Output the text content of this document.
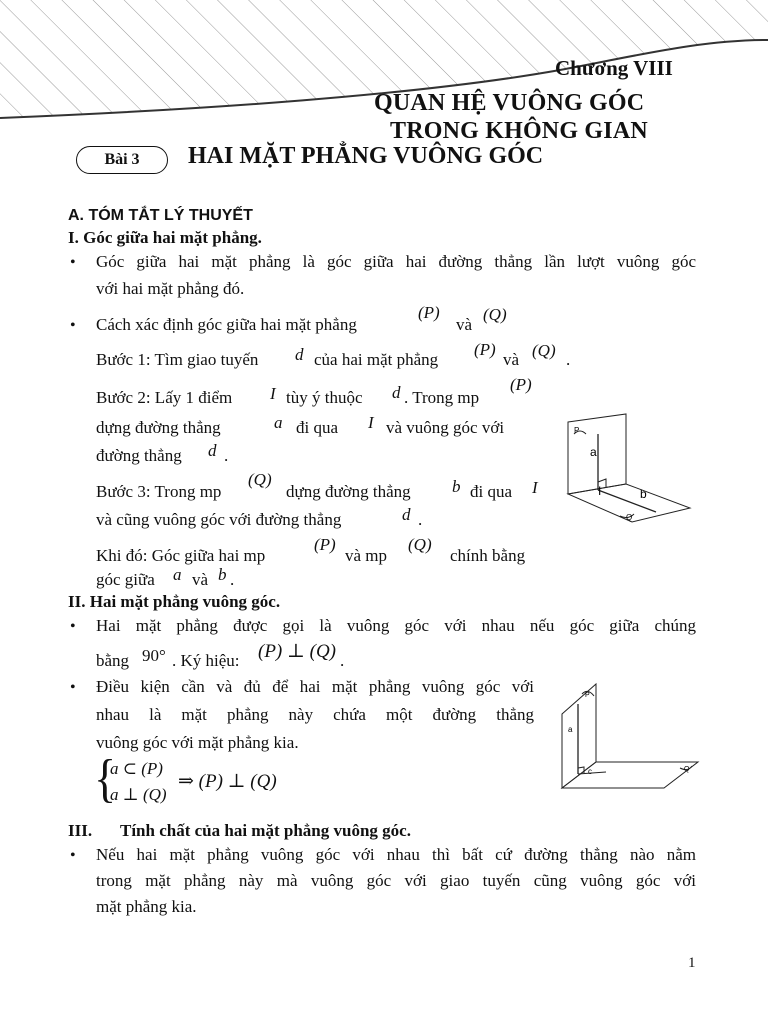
Chương VIII
QUAN HỆ VUÔNG GÓC
TRONG KHÔNG GIAN
Bài 3	HAI MẶT PHẲNG VUÔNG GÓC
A. TÓM TẮT LÝ THUYẾT
I. Góc giữa hai mặt phẳng.
• Góc giữa hai mặt phẳng là góc giữa hai đường thẳng lần lượt vuông góc
với hai mặt phẳng đó.
• Cách xác định góc giữa hai mặt phẳng
(P)
và
(Q)
Bước 1: Tìm giao tuyến d của hai mặt phẳng
(P)
và (Q) .
Bước 2: Lấy 1 điểm I tùy ý thuộc d . Trong mp
(P)
dựng đường thẳng	a đi qua I và vuông góc với
đường thẳng d .
Bước 3: Trong mp
(Q)
dựng đường thẳng b đi qua I
và cũng vuông góc với đường thẳng	d .
Khi đó: Góc giữa hai mp
(P)
và mp
(Q)
chính bằng
góc giữa a và b .
P
a
I	b
Q
II. Hai mặt phẳng vuông góc.
• Hai mặt phẳng được gọi là vuông góc với nhau nếu góc giữa chúng
bằng 90° . Ký hiệu: (P) ⊥ (Q) .
• Điều kiện cần và đủ để hai mặt phẳng vuông góc với
nhau là mặt phẳng này chứa một đường thẳng
vuông góc với mặt phẳng kia.
{
a ⊂ (P)
a ⊥ (Q)
⇒ (P) ⊥ (Q)
P
a
c	Q
III. Tính chất của hai mặt phẳng vuông góc.
• Nếu hai mặt phẳng vuông góc với nhau thì bất cứ đường thẳng nào nằm
trong mặt phẳng này mà vuông góc với giao tuyến cũng vuông góc với
mặt phẳng kia.
1
